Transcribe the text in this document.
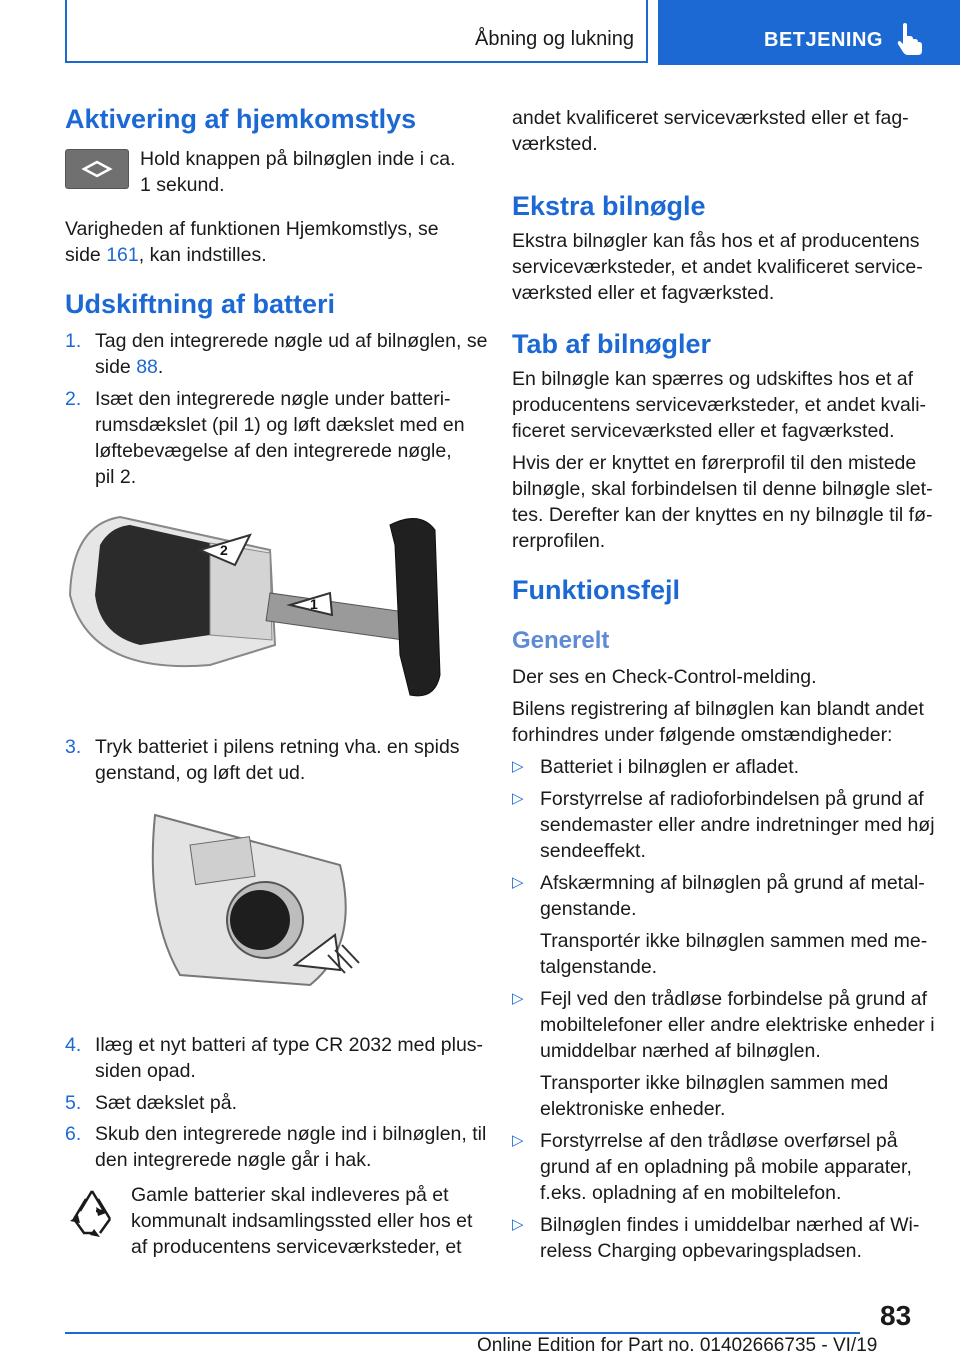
Åbning og lukning	BETJENING
Aktivering af hjemkomstlys

Hold knappen på bilnøglen inde i ca.

1 sekund.

Varigheden af funktionen Hjemkomstlys, se

side 161, kan indstilles.

Udskiftning af batteri
1. Tag den integrerede nøgle ud af bilnøglen, se

side 88.

2. Isæt den integrerede nøgle under batteri-

rumsdækslet (pil 1) og løft dækslet med en

løftebevægelse af den integrerede nøgle,

pil 2.

2
1
3. Tryk batteriet i pilens retning vha. en spids

genstand, og løft det ud.

4. Ilæg et nyt batteri af type CR 2032 med plus-

siden opad.

5. Sæt dækslet på.

6. Skub den integrerede nøgle ind i bilnøglen, til

den integrerede nøgle går i hak.

Gamle batterier skal indleveres på et

kommunalt indsamlingssted eller hos et

af producentens serviceværksteder, et

andet kvalificeret serviceværksted eller et fag-

værksted.

Ekstra bilnøgle

Ekstra bilnøgler kan fås hos et af producentens

serviceværksteder, et andet kvalificeret service-

værksted eller et fagværksted.

Tab af bilnøgler

En bilnøgle kan spærres og udskiftes hos et af

producentens serviceværksteder, et andet kvali-

ficeret serviceværksted eller et fagværksted.

Hvis der er knyttet en førerprofil til den mistede

bilnøgle, skal forbindelsen til denne bilnøgle slet-

tes. Derefter kan der knyttes en ny bilnøgle til fø-

rerprofilen.

Funktionsfejl
Generelt

Der ses en Check-Control-melding.

Bilens registrering af bilnøglen kan blandt andet

forhindres under følgende omstændigheder:

▷ Batteriet i bilnøglen er afladet.

▷ Forstyrrelse af radioforbindelsen på grund af

sendemaster eller andre indretninger med høj

sendeeffekt.

▷ Afskærmning af bilnøglen på grund af metal-

genstande.

Transportér ikke bilnøglen sammen med me-

talgenstande.

▷ Fejl ved den trådløse forbindelse på grund af

mobiltelefoner eller andre elektriske enheder i

umiddelbar nærhed af bilnøglen.

Transporter ikke bilnøglen sammen med

elektroniske enheder.

▷ Forstyrrelse af den trådløse overførsel på

grund af en opladning på mobile apparater,

f.eks. opladning af en mobiltelefon.

▷ Bilnøglen findes i umiddelbar nærhed af Wi-

reless Charging opbevaringspladsen.

83
Online Edition for Part no. 01402666735 - VI/19
